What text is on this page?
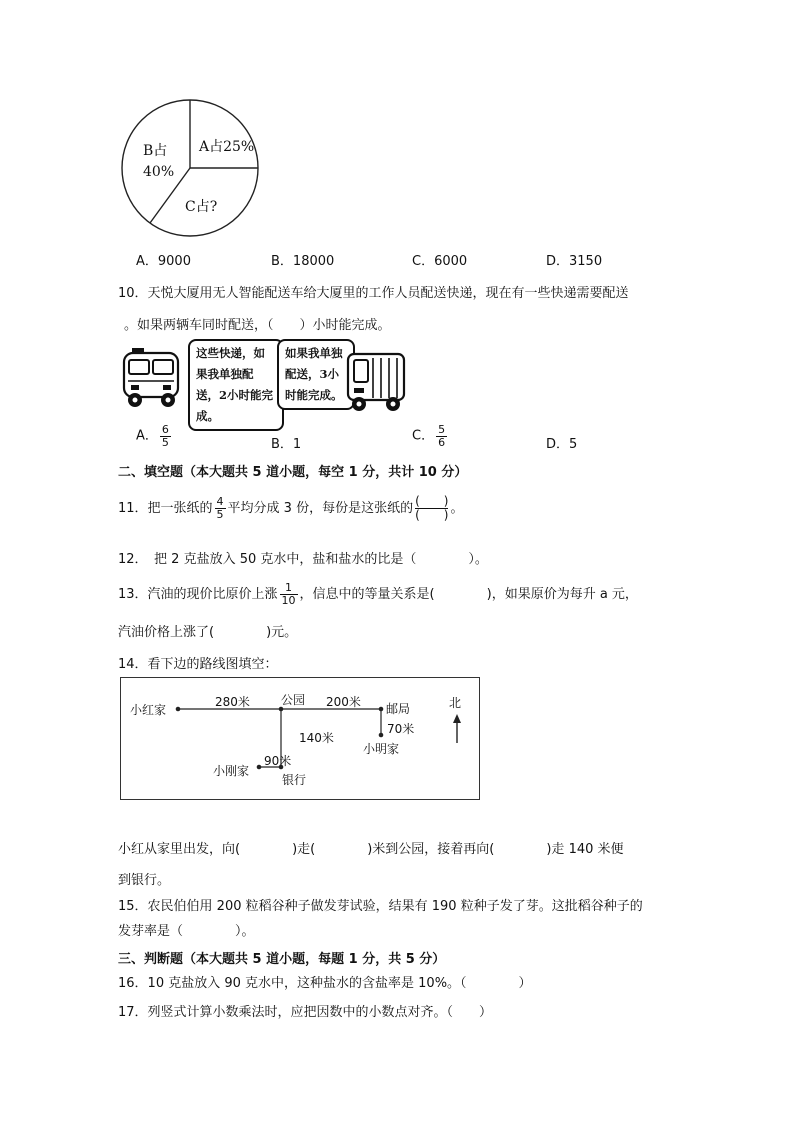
A占25%
B占
40%
C占?
A．9000	B．18000	C．6000	D．3150
10．天悦大厦用无人智能配送车给大厦里的工作人员配送快递，现在有一些快递需要配送
。如果两辆车同时配送，（　　）小时能完成。
这些快递，如果我单独配送，2小时能完成。
如果我单独配送，3小时能完成。
A． $\frac{6}{5}$	B．1
C． $\frac{5}{6}$	D．5
二、填空题（本大题共 5 道小题，每空 1 分，共计 10 分）
11．把一张纸的 $\frac{4}{5}$ 平均分成 3 份，每份是这张纸的 $\frac{( )}{( )}$ 。
12．　把 2 克盐放入 50 克水中，盐和盐水的比是（　　　　）。
13．汽油的现价比原价上涨 $\frac{1}{10}$ ，信息中的等量关系是(　　　　)，如果原价为每升 a 元，
汽油价格上涨了(　　　　)元。
14．看下边的路线图填空：
小红家
280米	公园 200米 邮局
70米
小明家
140米
90米
小刚家
银行
北
小红从家里出发，向(　　　　)走(　　　　)米到公园，接着再向(　　　　)走 140 米便
到银行。
15．农民伯伯用 200 粒稻谷种子做发芽试验，结果有 190 粒种子发了芽。这批稻谷种子的
发芽率是（　　　　）。
三、判断题（本大题共 5 道小题，每题 1 分，共 5 分）
16．10 克盐放入 90 克水中，这种盐水的含盐率是 10%。（　　　　）
17．列竖式计算小数乘法时，应把因数中的小数点对齐。（　　）
